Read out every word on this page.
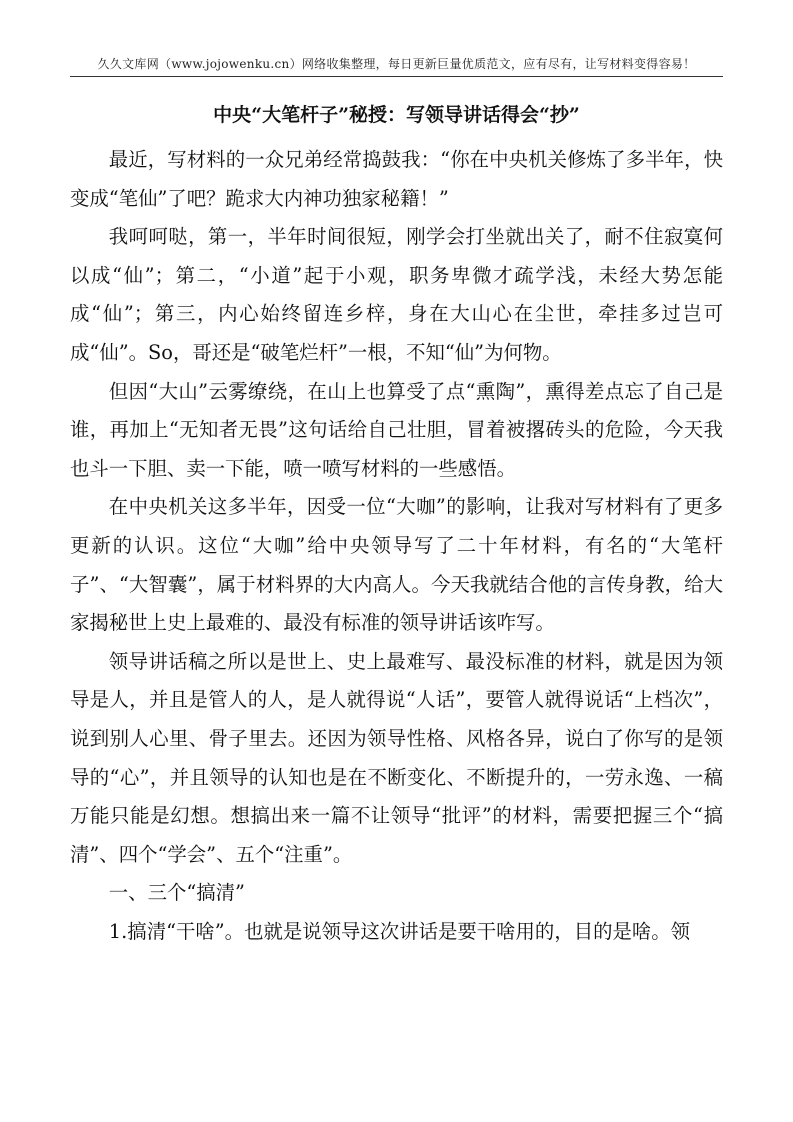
久久文库网（www.jojowenku.cn）网络收集整理，每日更新巨量优质范文，应有尽有，让写材料变得容易！
中央“大笔杆子”秘授：写领导讲话得会“抄”

最近，写材料的一众兄弟经常捣鼓我：“你在中央机关修炼了多半年，快变成“笔仙”了吧？跪求大内神功独家秘籍！”

我呵呵哒，第一，半年时间很短，刚学会打坐就出关了，耐不住寂寞何以成“仙”；第二，“小道”起于小观，职务卑微才疏学浅，未经大势怎能成“仙”；第三，内心始终留连乡梓，身在大山心在尘世，牵挂多过岂可成“仙”。So，哥还是“破笔烂杆”一根，不知“仙”为何物。

但因“大山”云雾缭绕，在山上也算受了点“熏陶”，熏得差点忘了自己是谁，再加上“无知者无畏”这句话给自己壮胆，冒着被撂砖头的危险，今天我也斗一下胆、卖一下能，喷一喷写材料的一些感悟。

在中央机关这多半年，因受一位“大咖”的影响，让我对写材料有了更多更新的认识。这位“大咖”给中央领导写了二十年材料，有名的“大笔杆子”、“大智囊”，属于材料界的大内高人。今天我就结合他的言传身教，给大家揭秘世上史上最难的、最没有标准的领导讲话该咋写。

领导讲话稿之所以是世上、史上最难写、最没标准的材料，就是因为领导是人，并且是管人的人，是人就得说“人话”，要管人就得说话“上档次”，说到别人心里、骨子里去。还因为领导性格、风格各异，说白了你写的是领导的“心”，并且领导的认知也是在不断变化、不断提升的，一劳永逸、一稿万能只能是幻想。想搞出来一篇不让领导“批评”的材料，需要把握三个“搞清”、四个“学会”、五个“注重”。

一、三个“搞清”

1.搞清“干啥”。也就是说领导这次讲话是要干啥用的，目的是啥。领
